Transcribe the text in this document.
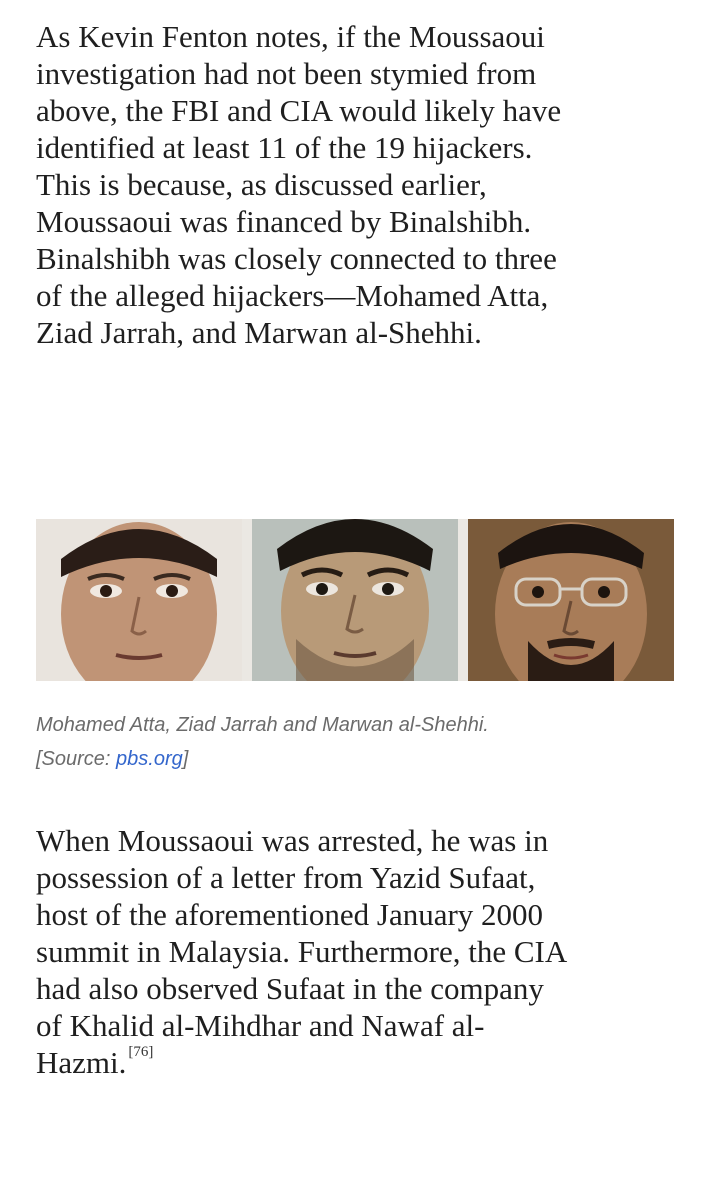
As Kevin Fenton notes, if the Moussaoui
investigation had not been stymied from
above, the FBI and CIA would likely have
identified at least 11 of the 19 hijackers.
This is because, as discussed earlier,
Moussaoui was financed by Binalshibh.
Binalshibh was closely connected to three
of the alleged hijackers—Mohamed Atta,
Ziad Jarrah, and Marwan al-Shehhi.

Mohamed Atta, Ziad Jarrah and Marwan al-Shehhi.
[Source: pbs.org]

When Moussaoui was arrested, he was in
possession of a letter from Yazid Sufaat,
host of the aforementioned January 2000
summit in Malaysia. Furthermore, the CIA
had also observed Sufaat in the company
of Khalid al-Mihdhar and Nawaf al-
Hazmi. [76]
